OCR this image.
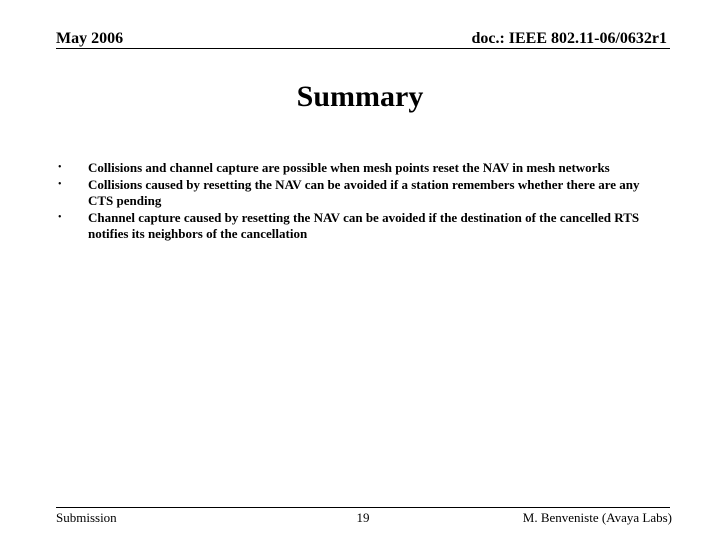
May 2006	doc.: IEEE 802.11-06/0632r1
Summary
• Collisions and channel capture are possible when mesh points reset the NAV in mesh networks
• Collisions caused by resetting the NAV can be avoided if a station remembers whether there are any CTS pending
• Channel capture caused by resetting the NAV can be avoided if the destination of the cancelled RTS notifies its neighbors of the cancellation
Submission	19	M. Benveniste (Avaya Labs)
